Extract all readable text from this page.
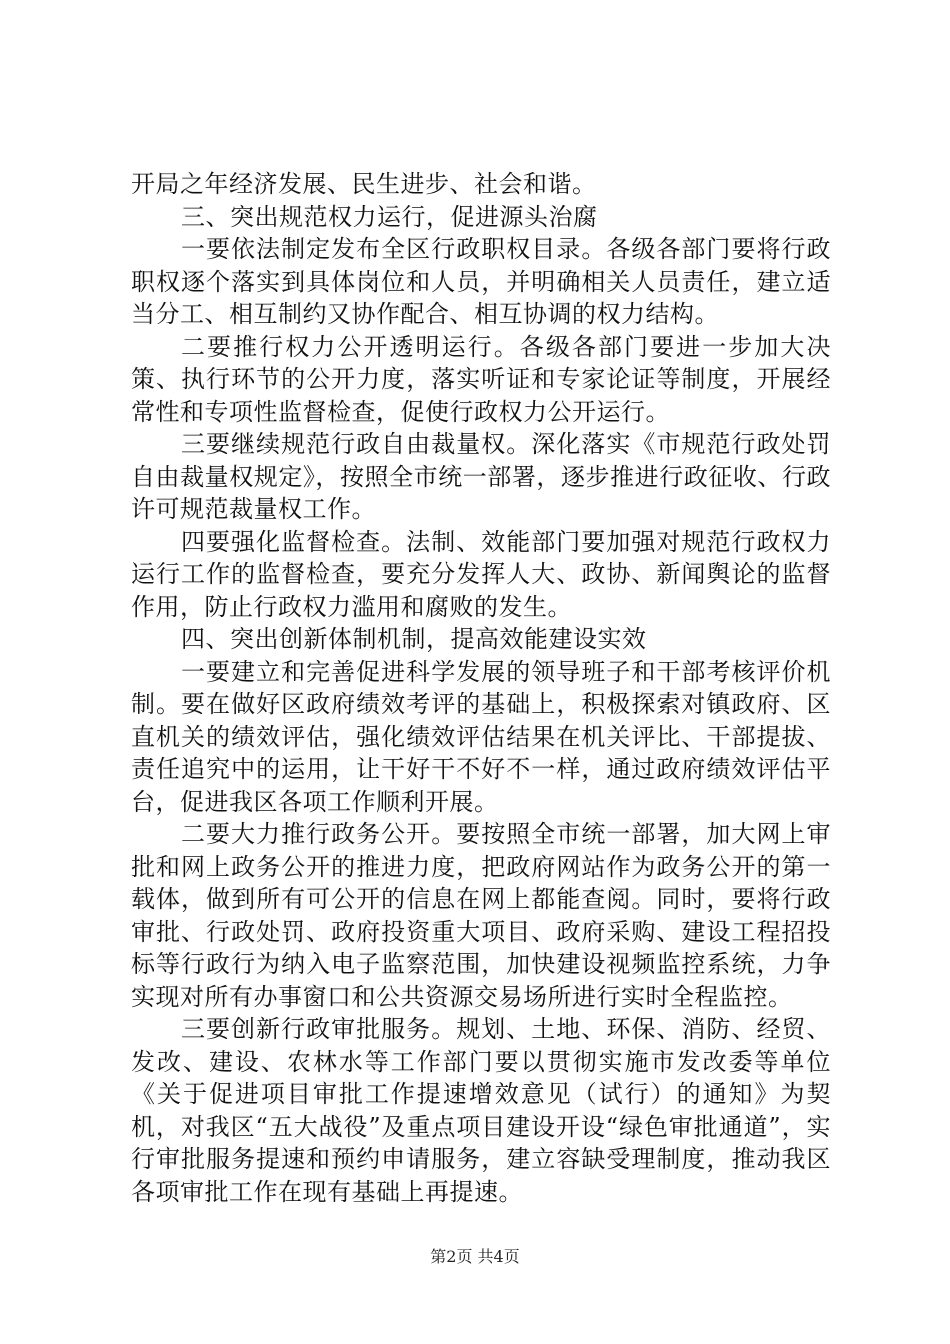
开局之年经济发展、民生进步、社会和谐。

三、突出规范权力运行，促进源头治腐

一要依法制定发布全区行政职权目录。各级各部门要将行政职权逐个落实到具体岗位和人员，并明确相关人员责任，建立适当分工、相互制约又协作配合、相互协调的权力结构。

二要推行权力公开透明运行。各级各部门要进一步加大决策、执行环节的公开力度，落实听证和专家论证等制度，开展经常性和专项性监督检查，促使行政权力公开运行。

三要继续规范行政自由裁量权。深化落实《市规范行政处罚自由裁量权规定》，按照全市统一部署，逐步推进行政征收、行政许可规范裁量权工作。

四要强化监督检查。法制、效能部门要加强对规范行政权力运行工作的监督检查，要充分发挥人大、政协、新闻舆论的监督作用，防止行政权力滥用和腐败的发生。

四、突出创新体制机制，提高效能建设实效

一要建立和完善促进科学发展的领导班子和干部考核评价机制。要在做好区政府绩效考评的基础上，积极探索对镇政府、区直机关的绩效评估，强化绩效评估结果在机关评比、干部提拔、责任追究中的运用，让干好干不好不一样，通过政府绩效评估平台，促进我区各项工作顺利开展。

二要大力推行政务公开。要按照全市统一部署，加大网上审批和网上政务公开的推进力度，把政府网站作为政务公开的第一载体，做到所有可公开的信息在网上都能查阅。同时，要将行政审批、行政处罚、政府投资重大项目、政府采购、建设工程招投标等行政行为纳入电子监察范围，加快建设视频监控系统，力争实现对所有办事窗口和公共资源交易场所进行实时全程监控。

三要创新行政审批服务。规划、土地、环保、消防、经贸、发改、建设、农林水等工作部门要以贯彻实施市发改委等单位《关于促进项目审批工作提速增效意见（试行）的通知》为契机，对我区“五大战役”及重点项目建设开设“绿色审批通道”，实行审批服务提速和预约申请服务，建立容缺受理制度，推动我区各项审批工作在现有基础上再提速。

第2页 共4页
